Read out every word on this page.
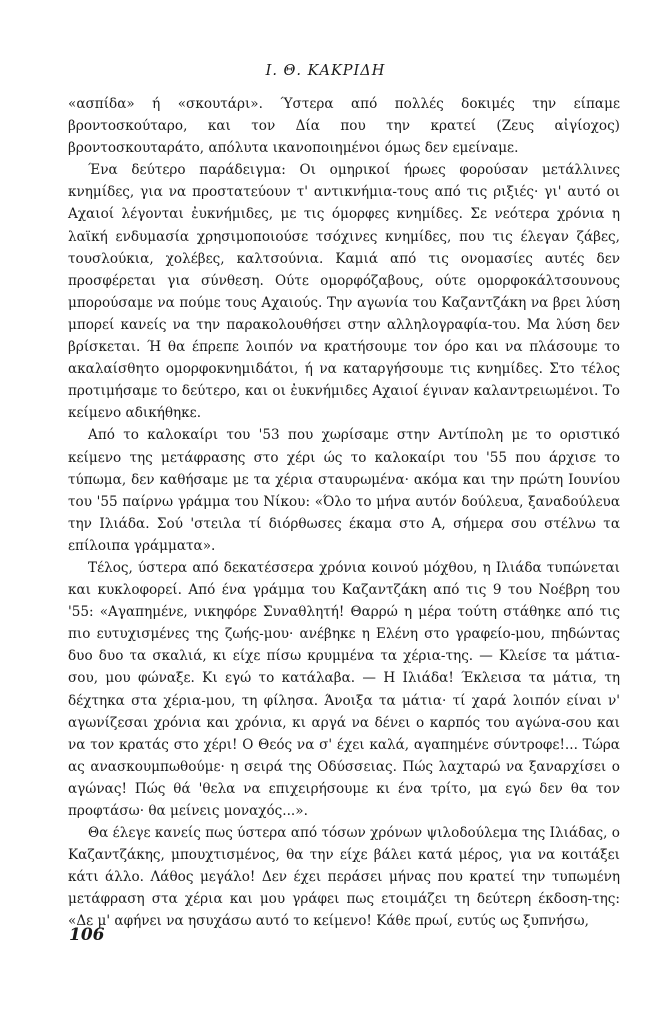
Ι. Θ. ΚΑΚΡΙΔΗ

«ασπίδα» ή «σκουτάρι». Ύστερα από πολλές δοκιμές την είπαμε βροντοσκούταρο, και τον Δία που την κρατεί (Ζευς αἰγίοχος) βροντοσκουταράτο, απόλυτα ικανοποιημένοι όμως δεν εμείναμε.

Ένα δεύτερο παράδειγμα: Οι ομηρικοί ήρωες φορούσαν μετάλλινες κνημίδες, για να προστατεύουν τ' αντικνήμια-τους από τις ριξιές· γι' αυτό οι Αχαιοί λέγονται ἐυκνήμιδες, με τις όμορφες κνημίδες. Σε νεότερα χρόνια η λαϊκή ενδυμασία χρησιμοποιούσε τσόχινες κνημίδες, που τις έλεγαν ζάβες, τουσλούκια, χολέβες, καλτσούνια. Καμιά από τις ονομασίες αυτές δεν προσφέρεται για σύνθεση. Ούτε ομορφόζαβους, ούτε ομορφοκάλτσουνους μπορούσαμε να πούμε τους Αχαιούς. Την αγωνία του Καζαντζάκη να βρει λύση μπορεί κανείς να την παρακολουθήσει στην αλληλογραφία-του. Μα λύση δεν βρίσκεται. Ή θα έπρεπε λοιπόν να κρατήσουμε τον όρο και να πλάσουμε το ακαλαίσθητο ομορφοκνημιδάτοι, ή να καταργήσουμε τις κνημίδες. Στο τέλος προτιμήσαμε το δεύτερο, και οι ἐυκνήμιδες Αχαιοί έγιναν καλαντρειωμένοι. Το κείμενο αδικήθηκε.

Από το καλοκαίρι του '53 που χωρίσαμε στην Αντίπολη με το οριστικό κείμενο της μετάφρασης στο χέρι ώς το καλοκαίρι του '55 που άρχισε το τύπωμα, δεν καθήσαμε με τα χέρια σταυρωμένα· ακόμα και την πρώτη Ιουνίου του '55 παίρνω γράμμα του Νίκου: «Όλο το μήνα αυτόν δούλευα, ξαναδούλευα την Ιλιάδα. Σού 'στειλα τί διόρθωσες έκαμα στο Α, σήμερα σου στέλνω τα επίλοιπα γράμματα».

Τέλος, ύστερα από δεκατέσσερα χρόνια κοινού μόχθου, η Ιλιάδα τυπώνεται και κυκλοφορεί. Από ένα γράμμα του Καζαντζάκη από τις 9 του Νοέβρη του '55: «Αγαπημένε, νικηφόρε Συναθλητή! Θαρρώ η μέρα τούτη στάθηκε από τις πιο ευτυχισμένες της ζωής-μου· ανέβηκε η Ελένη στο γραφείο-μου, πηδώντας δυο δυο τα σκαλιά, κι είχε πίσω κρυμμένα τα χέρια-της. — Κλείσε τα μάτια-σου, μου φώναξε. Κι εγώ το κατάλαβα. — Η Ιλιάδα! Έκλεισα τα μάτια, τη δέχτηκα στα χέρια-μου, τη φίλησα. Άνοιξα τα μάτια· τί χαρά λοιπόν είναι ν' αγωνίζεσαι χρόνια και χρόνια, κι αργά να δένει ο καρπός του αγώνα-σου και να τον κρατάς στο χέρι! Ο Θεός να σ' έχει καλά, αγαπημένε σύντροφε!... Τώρα ας ανασκουμπωθούμε· η σειρά της Οδύσσειας. Πώς λαχταρώ να ξαναρχίσει ο αγώνας! Πώς θά 'θελα να επιχειρήσουμε κι ένα τρίτο, μα εγώ δεν θα τον προφτάσω· θα μείνεις μοναχός...».

Θα έλεγε κανείς πως ύστερα από τόσων χρόνων ψιλοδούλεμα της Ιλιάδας, ο Καζαντζάκης, μπουχτισμένος, θα την είχε βάλει κατά μέρος, για να κοιτάξει κάτι άλλο. Λάθος μεγάλο! Δεν έχει περάσει μήνας που κρατεί την τυπωμένη μετάφραση στα χέρια και μου γράφει πως ετοιμάζει τη δεύτερη έκδοση-της: «Δε μ' αφήνει να ησυχάσω αυτό το κείμενο! Κάθε πρωί, ευτύς ως ξυπνήσω,

106
